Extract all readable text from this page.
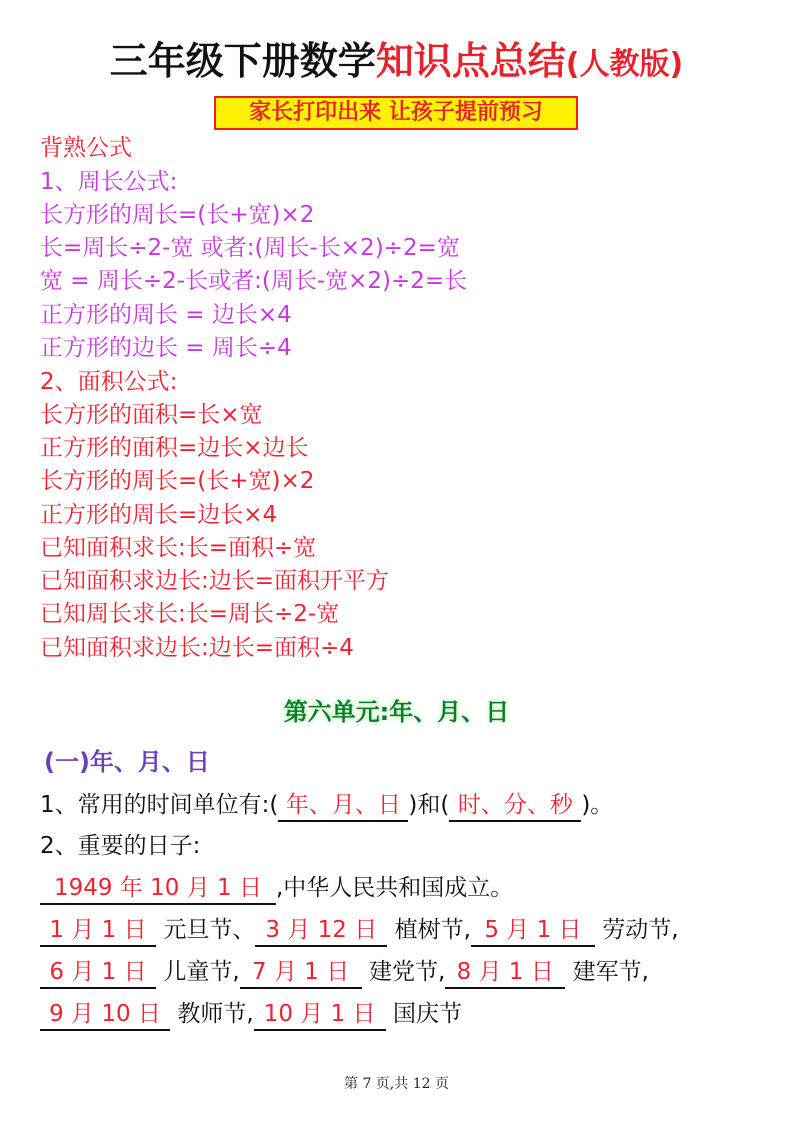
三年级下册数学知识点总结(人教版)
家长打印出来 让孩子提前预习
背熟公式
1、周长公式:
长方形的周长=(长+宽)×2
长=周长÷2-宽 或者:(周长-长×2)÷2=宽
宽 = 周长÷2-长或者:(周长-宽×2)÷2=长
正方形的周长 = 边长×4
正方形的边长 = 周长÷4
2、面积公式:
长方形的面积=长×宽
正方形的面积=边长×边长
长方形的周长=(长+宽)×2
正方形的周长=边长×4
已知面积求长:长=面积÷宽
已知面积求边长:边长=面积开平方
已知周长求长:长=周长÷2-宽
已知面积求边长:边长=面积÷4
第六单元:年、月、日
(一)年、月、日
1、常用的时间单位有:( 年、月、日 )和( 时、分、秒 )。
2、重要的日子:
1949 年 10 月 1 日 ,中华人民共和国成立。
1 月 1 日 元旦节、 3 月 12 日 植树节, 5 月 1 日 劳动节,
6 月 1 日 儿童节, 7 月 1 日 建党节, 8 月 1 日 建军节,
9 月 10 日 教师节, 10 月 1 日 国庆节
第 7 页,共 12 页
